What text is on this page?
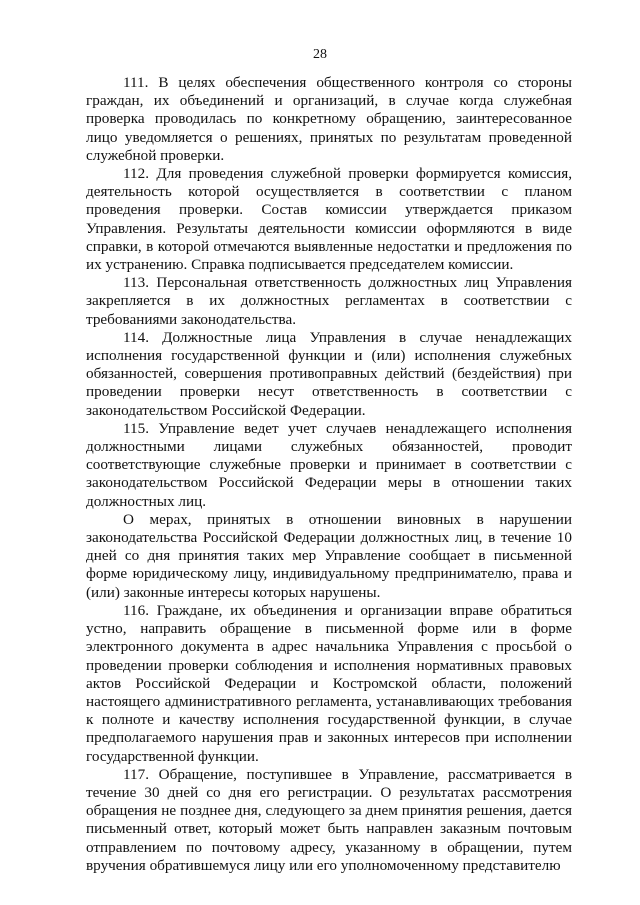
28

111. В целях обеспечения общественного контроля со стороны граждан, их объединений и организаций, в случае когда служебная проверка проводилась по конкретному обращению, заинтересованное лицо уведомляется о решениях, принятых по результатам проведенной служебной проверки.

112. Для проведения служебной проверки формируется комиссия, деятельность которой осуществляется в соответствии с планом проведения проверки. Состав комиссии утверждается приказом Управления. Результаты деятельности комиссии оформляются в виде справки, в которой отмечаются выявленные недостатки и предложения по их устранению. Справка подписывается председателем комиссии.

113. Персональная ответственность должностных лиц Управления закрепляется в их должностных регламентах в соответствии с требованиями законодательства.

114. Должностные лица Управления в случае ненадлежащих исполнения государственной функции и (или) исполнения служебных обязанностей, совершения противоправных действий (бездействия) при проведении проверки несут ответственность в соответствии с законодательством Российской Федерации.

115. Управление ведет учет случаев ненадлежащего исполнения должностными лицами служебных обязанностей, проводит соответствующие служебные проверки и принимает в соответствии с законодательством Российской Федерации меры в отношении таких должностных лиц.

О мерах, принятых в отношении виновных в нарушении законодательства Российской Федерации должностных лиц, в течение 10 дней со дня принятия таких мер Управление сообщает в письменной форме юридическому лицу, индивидуальному предпринимателю, права и (или) законные интересы которых нарушены.

116. Граждане, их объединения и организации вправе обратиться устно, направить обращение в письменной форме или в форме электронного документа в адрес начальника Управления с просьбой о проведении проверки соблюдения и исполнения нормативных правовых актов Российской Федерации и Костромской области, положений настоящего административного регламента, устанавливающих требования к полноте и качеству исполнения государственной функции, в случае предполагаемого нарушения прав и законных интересов при исполнении государственной функции.

117. Обращение, поступившее в Управление, рассматривается в течение 30 дней со дня его регистрации. О результатах рассмотрения обращения не позднее дня, следующего за днем принятия решения, дается письменный ответ, который может быть направлен заказным почтовым отправлением по почтовому адресу, указанному в обращении, путем вручения обратившемуся лицу или его уполномоченному представителю
